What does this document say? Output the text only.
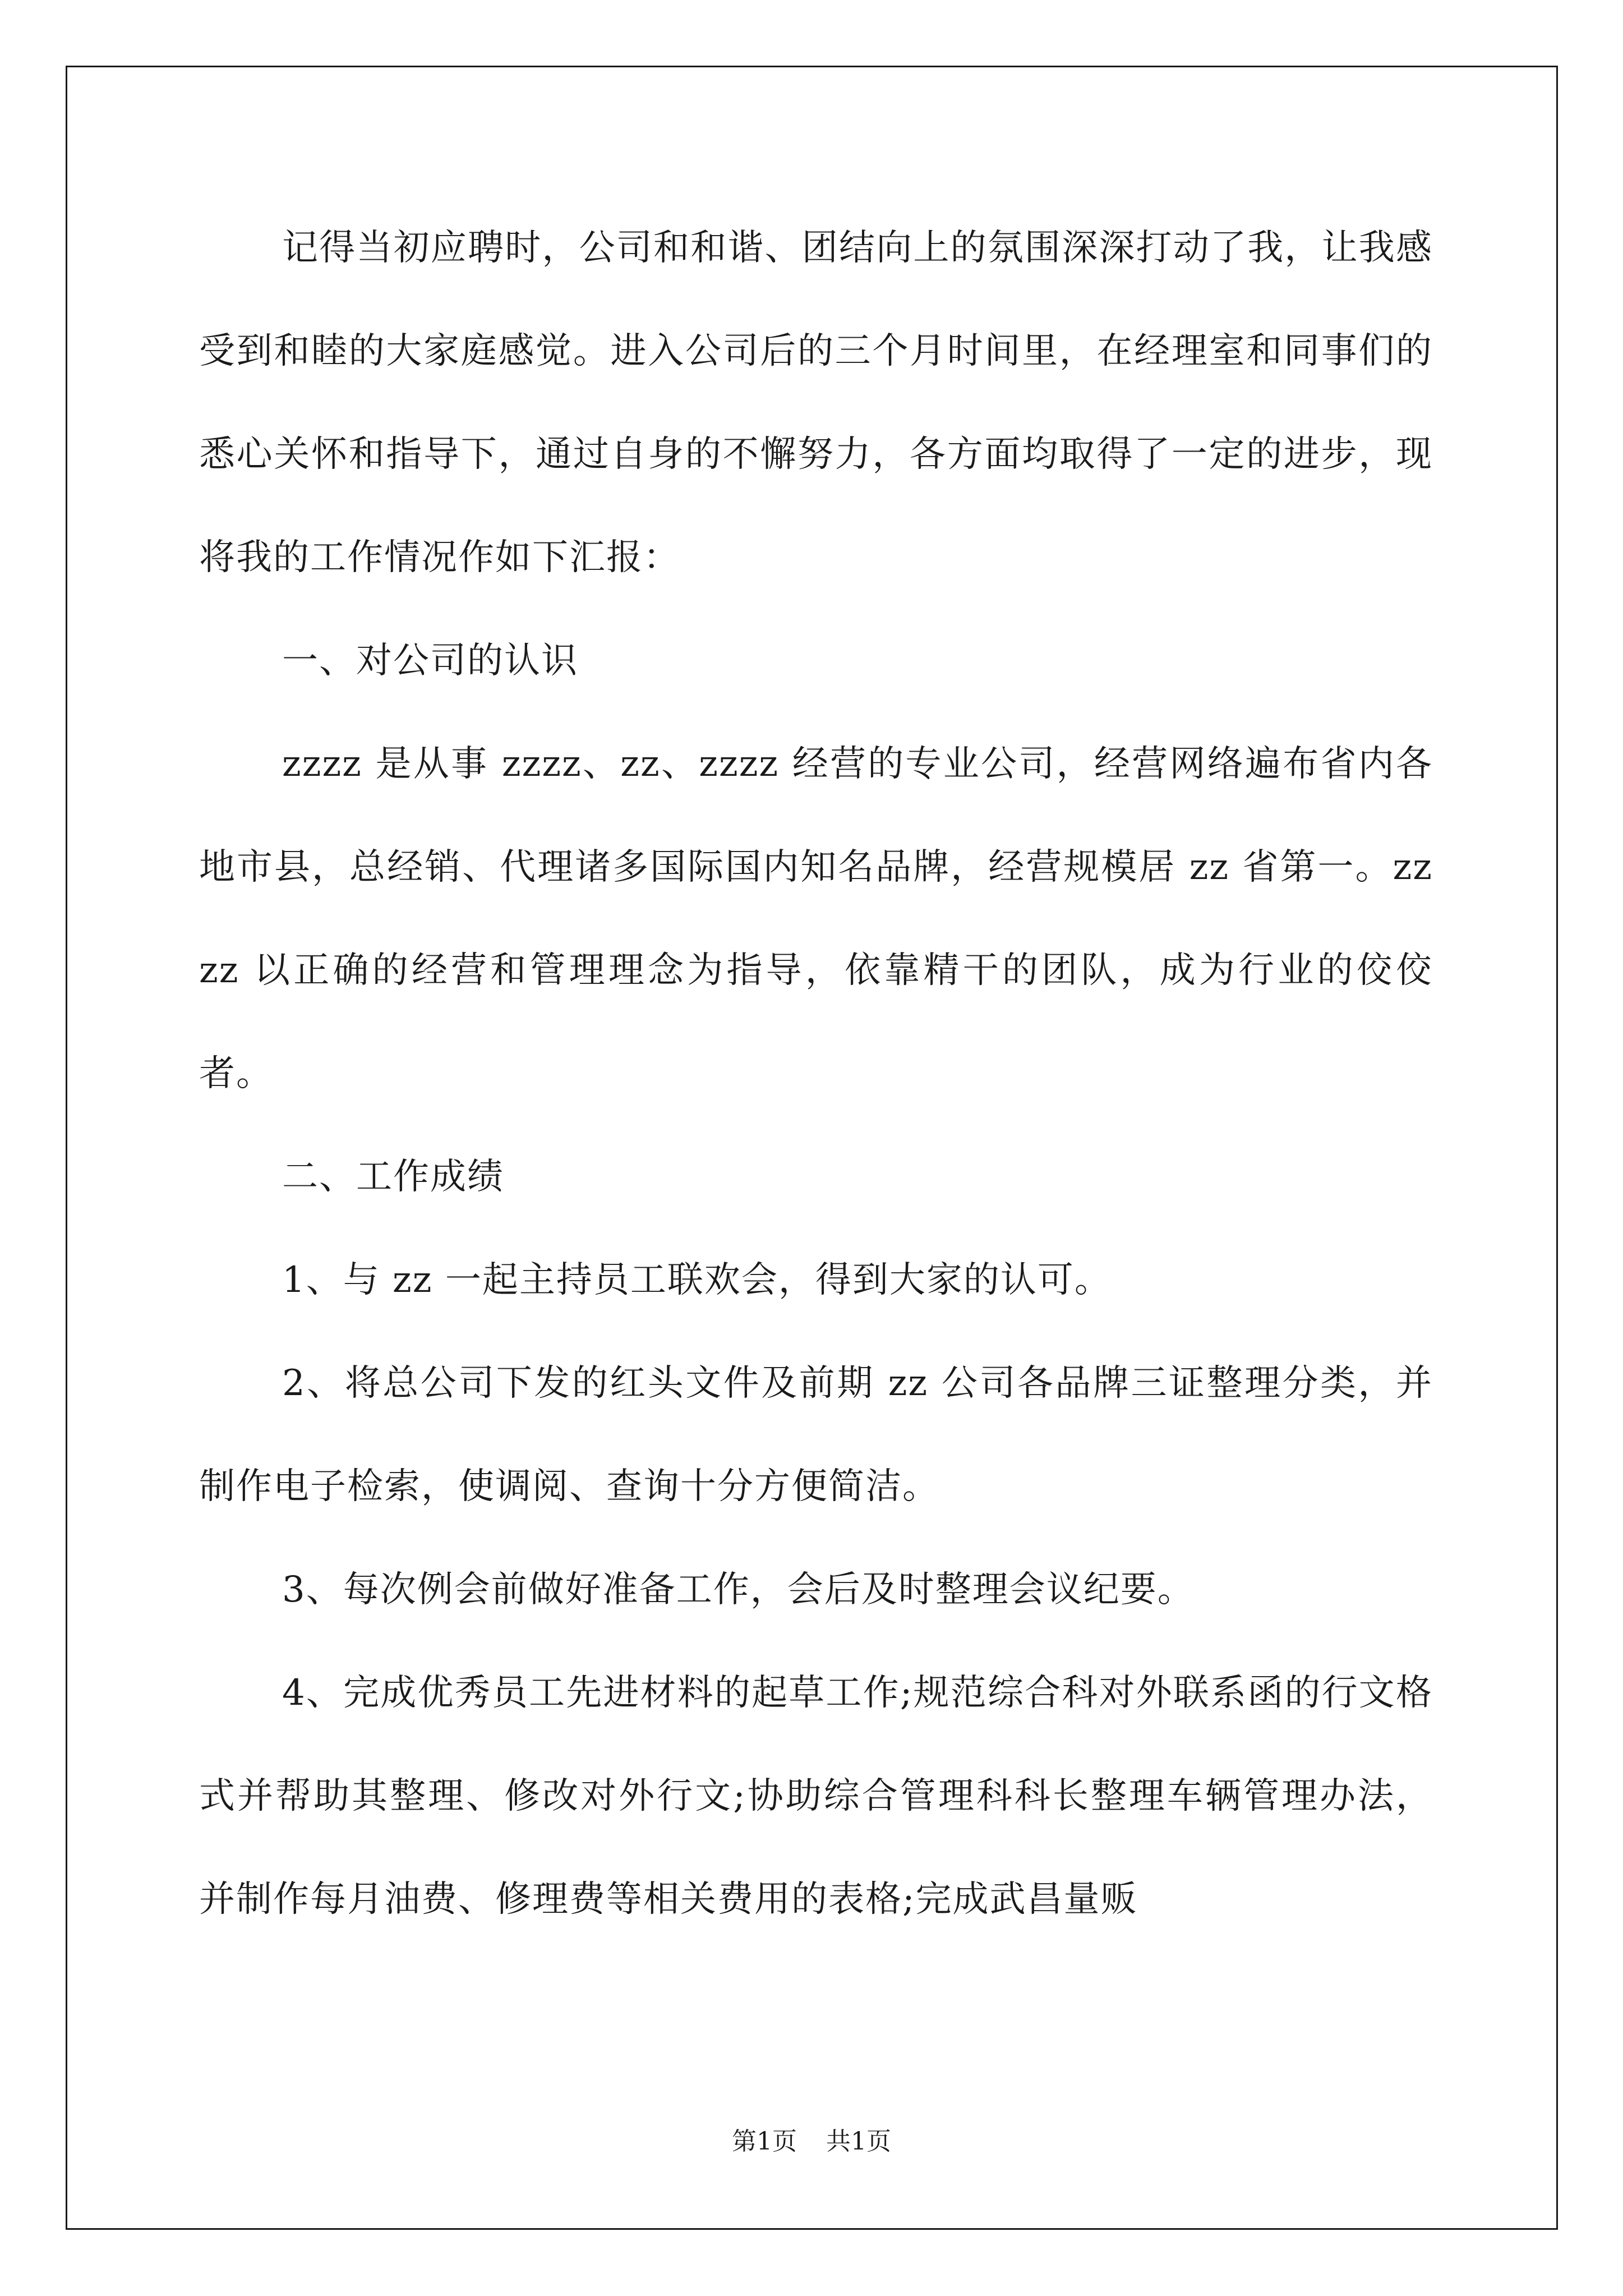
记得当初应聘时，公司和和谐、团结向上的氛围深深打动了我，让我感受到和睦的大家庭感觉。进入公司后的三个月时间里，在经理室和同事们的悉心关怀和指导下，通过自身的不懈努力，各方面均取得了一定的进步，现将我的工作情况作如下汇报：

一、对公司的认识

zzzz 是从事 zzzz、zz、zzzz 经营的专业公司，经营网络遍布省内各地市县，总经销、代理诸多国际国内知名品牌，经营规模居 zz 省第一。zzzz 以正确的经营和管理理念为指导，依靠精干的团队，成为行业的佼佼者。

二、工作成绩

1、与 zz 一起主持员工联欢会，得到大家的认可。

2、将总公司下发的红头文件及前期 zz 公司各品牌三证整理分类，并制作电子检索，使调阅、查询十分方便简洁。

3、每次例会前做好准备工作，会后及时整理会议纪要。

4、完成优秀员工先进材料的起草工作;规范综合科对外联系函的行文格式并帮助其整理、修改对外行文;协助综合管理科科长整理车辆管理办法，并制作每月油费、修理费等相关费用的表格;完成武昌量贩

第1页 共1页
